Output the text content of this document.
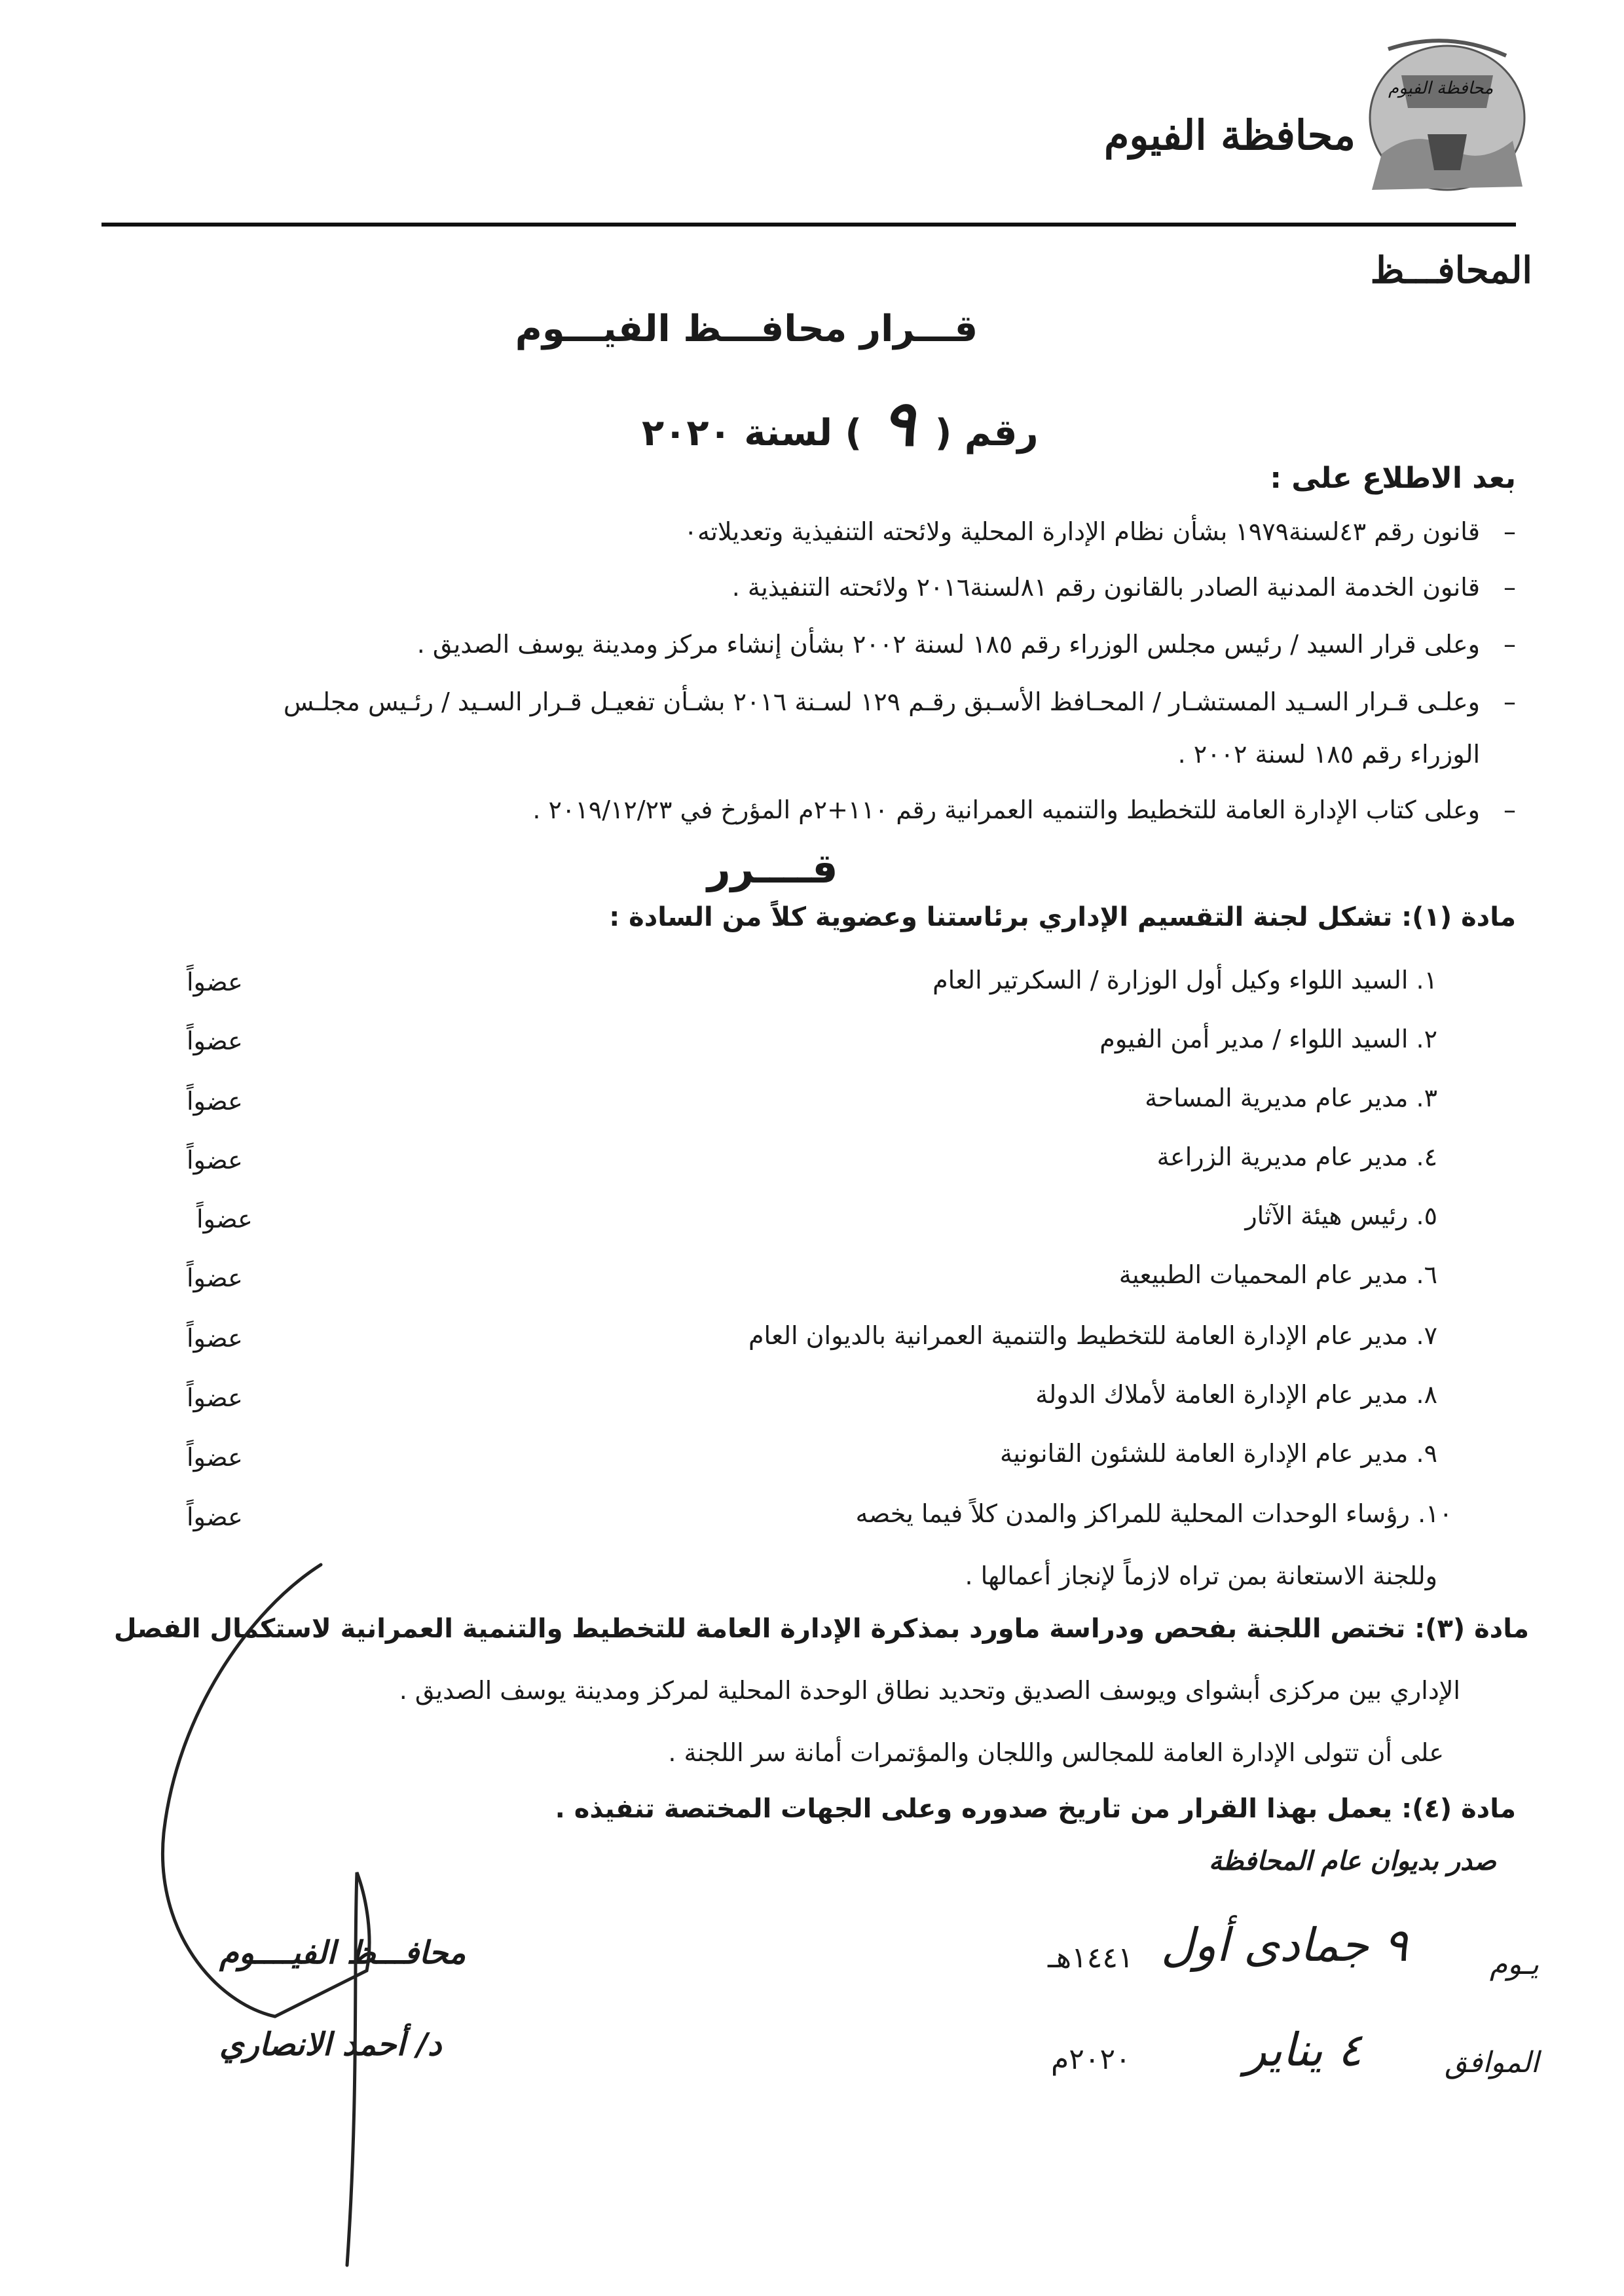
محافظة الفيوم
محافظة الفيوم
المحافـــظ
قـــرار محافـــظ الفيـــوم
رقم (٩) لسنة ٢٠٢٠
بعد الاطلاع على :
–قانون رقم ٤٣لسنة١٩٧٩ بشأن نظام الإدارة المحلية ولائحته التنفيذية وتعديلاته٠
–قانون الخدمة المدنية الصادر بالقانون رقم ٨١لسنة٢٠١٦ ولائحته التنفيذية .
–وعلى قرار السيد / رئيس مجلس الوزراء رقم ١٨٥ لسنة ٢٠٠٢ بشأن إنشاء مركز ومدينة يوسف الصديق .
–وعلـى قـرار السـيد المستشـار / المحـافظ الأسـبق رقـم ١٢٩ لسـنة ٢٠١٦ بشـأن تفعيـل قـرار السـيد / رئـيس مجلـس
الوزراء رقم ١٨٥ لسنة ٢٠٠٢ .
–وعلى كتاب الإدارة العامة للتخطيط والتنميه العمرانية رقم ١١٠+٢م المؤرخ في ٢٠١٩/١٢/٢٣ .
قــــرر
مادة (١): تشكل لجنة التقسيم الإداري برئاستنا وعضوية كلاً من السادة :
١. السيد اللواء وكيل أول الوزارة / السكرتير العام
عضواً
٢. السيد اللواء / مدير أمن الفيوم
عضواً
٣. مدير عام مديرية المساحة
عضواً
٤. مدير عام مديرية الزراعة
عضواً
٥. رئيس هيئة الآثار
عضواً
٦. مدير عام المحميات الطبيعية
عضواً
٧. مدير عام الإدارة العامة للتخطيط والتنمية العمرانية بالديوان العام
عضواً
٨. مدير عام الإدارة العامة لأملاك الدولة
عضواً
٩. مدير عام الإدارة العامة للشئون القانونية
عضواً
١٠. رؤساء الوحدات المحلية للمراكز والمدن كلاً فيما يخصه
عضواً
وللجنة الاستعانة بمن تراه لازماً لإنجاز أعمالها .
مادة (٣): تختص اللجنة بفحص ودراسة ماورد بمذكرة الإدارة العامة للتخطيط والتنمية العمرانية لاستكمال الفصل
الإداري بين مركزى أبشواى ويوسف الصديق وتحديد نطاق الوحدة المحلية لمركز ومدينة يوسف الصديق .
على أن تتولى الإدارة العامة للمجالس واللجان والمؤتمرات أمانة سر اللجنة .
مادة (٤): يعمل بهذا القرار من تاريخ صدوره وعلى الجهات المختصة تنفيذه .
صدر بديوان عام المحافظة
يـوم
٩ جمادى أول
١٤٤١هـ
الموافق
٤ يناير
٢٠٢٠م
محافـــظ الفيــــوم
د/ أحمد الانصاري
